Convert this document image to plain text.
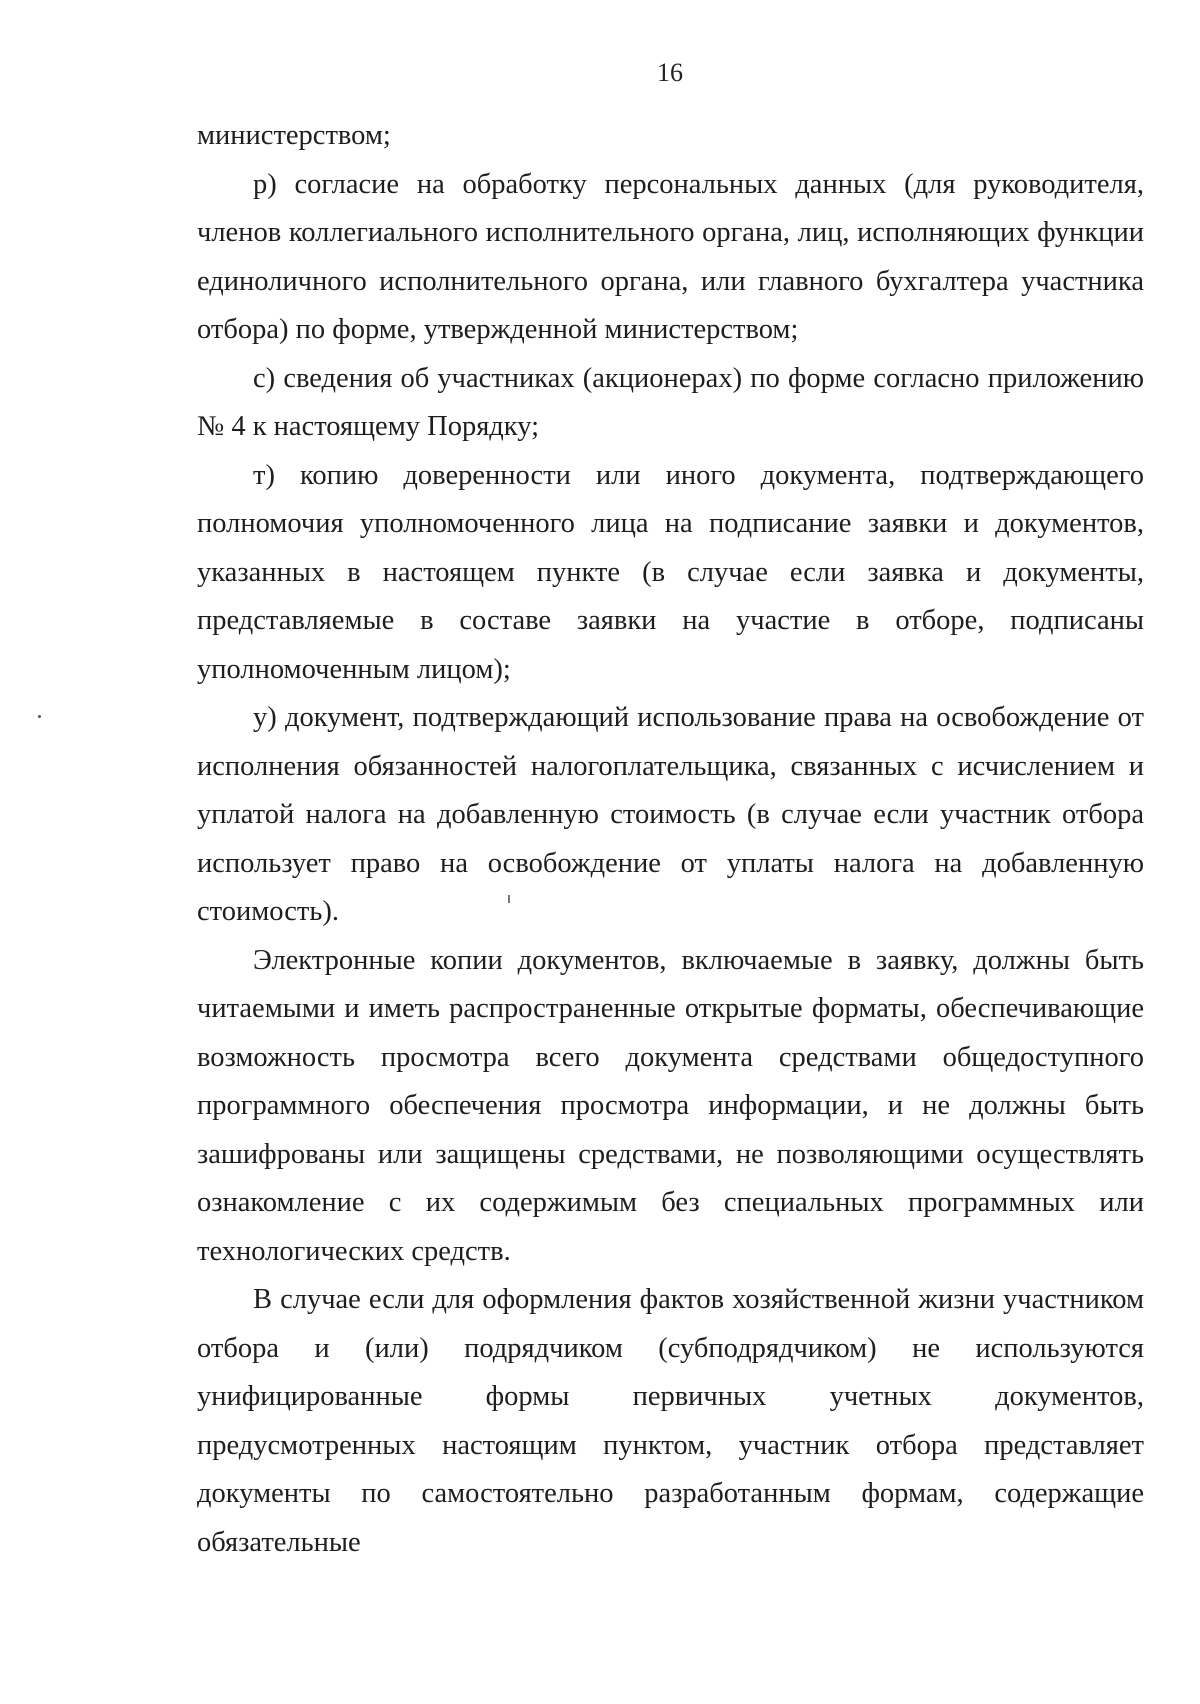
16

министерством;

р) согласие на обработку персональных данных (для руководителя, членов коллегиального исполнительного органа, лиц, исполняющих функции единоличного исполнительного органа, или главного бухгалтера участника отбора) по форме, утвержденной министерством;

с) сведения об участниках (акционерах) по форме согласно приложению № 4 к настоящему Порядку;

т) копию доверенности или иного документа, подтверждающего полномочия уполномоченного лица на подписание заявки и документов, указанных в настоящем пункте (в случае если заявка и документы, представляемые в составе заявки на участие в отборе, подписаны уполномоченным лицом);

у) документ, подтверждающий использование права на освобождение от исполнения обязанностей налогоплательщика, связанных с исчислением и уплатой налога на добавленную стоимость (в случае если участник отбора использует право на освобождение от уплаты налога на добавленную стоимость).

Электронные копии документов, включаемые в заявку, должны быть читаемыми и иметь распространенные открытые форматы, обеспечивающие возможность просмотра всего документа средствами общедоступного программного обеспечения просмотра информации, и не должны быть зашифрованы или защищены средствами, не позволяющими осуществлять ознакомление с их содержимым без специальных программных или технологических средств.

В случае если для оформления фактов хозяйственной жизни участником отбора и (или) подрядчиком (субподрядчиком) не используются унифицированные формы первичных учетных документов, предусмотренных настоящим пунктом, участник отбора представляет документы по самостоятельно разработанным формам, содержащие обязательные
